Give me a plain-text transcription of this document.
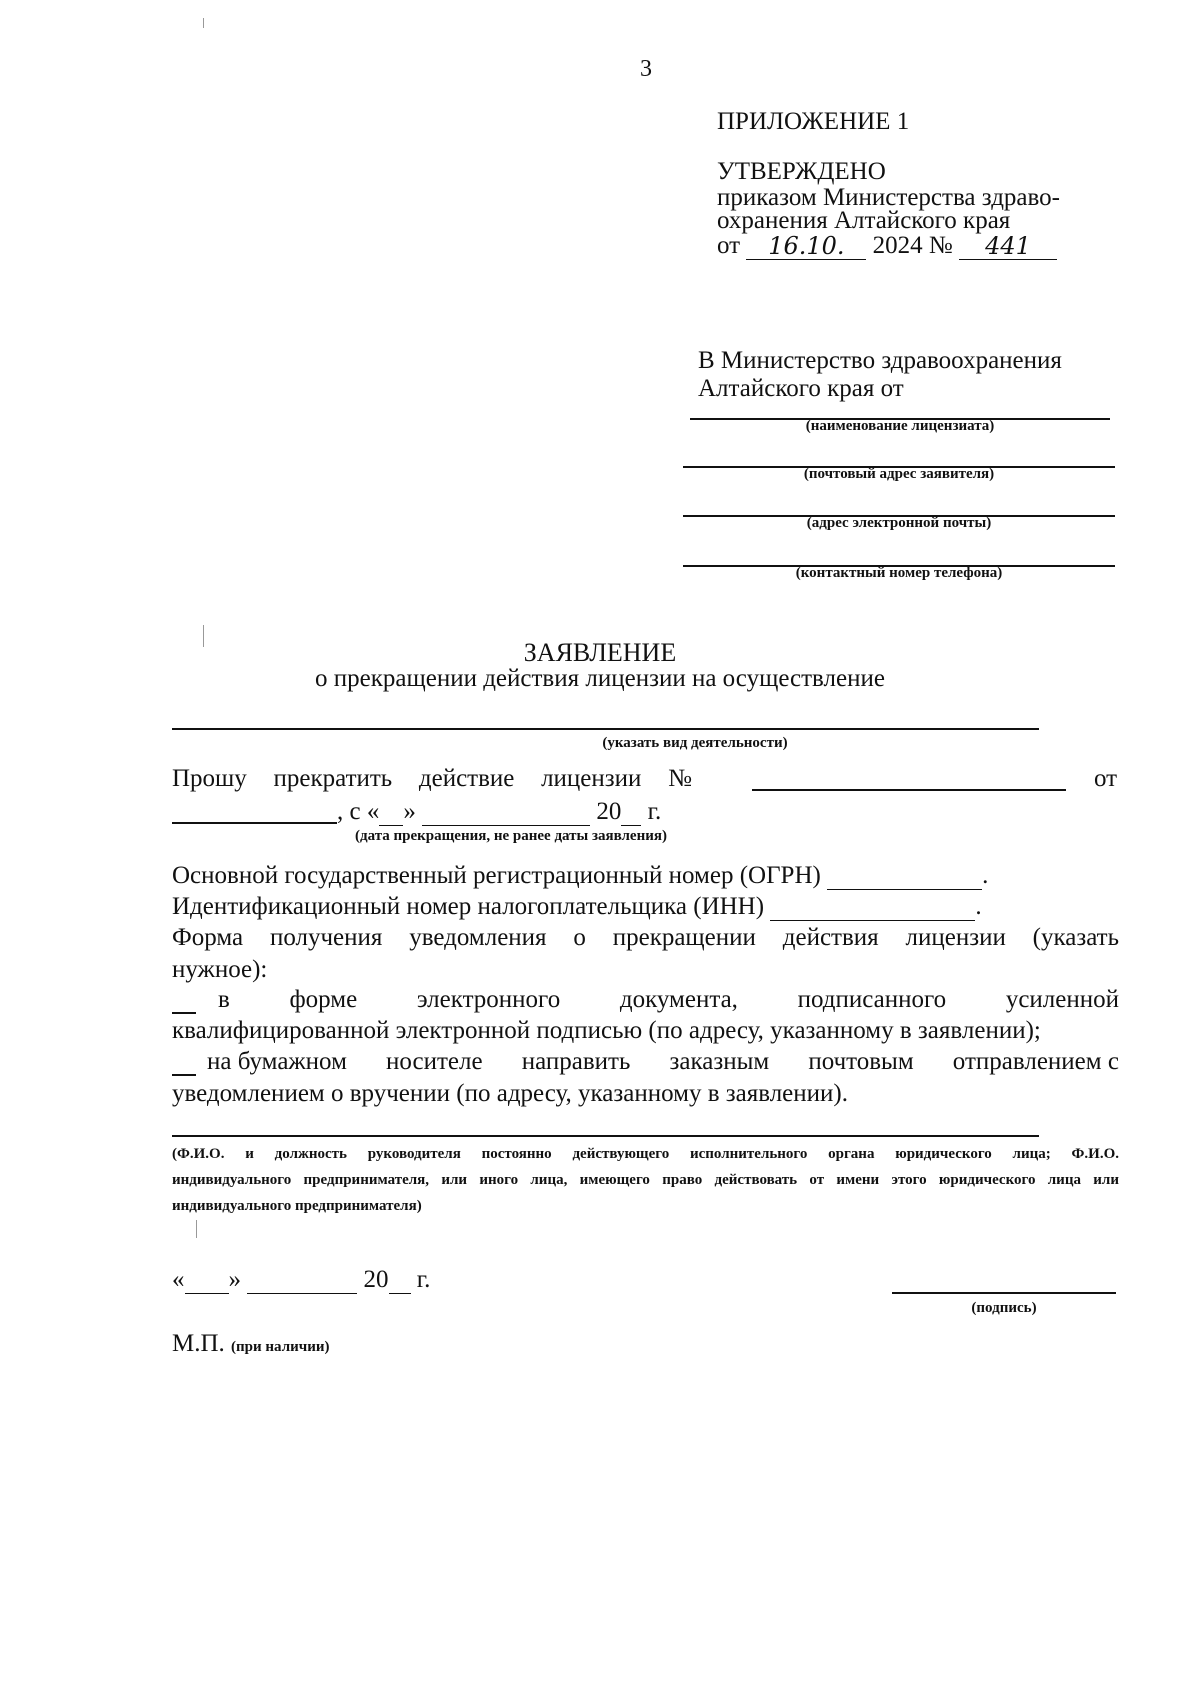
3
ПРИЛОЖЕНИЕ 1
УТВЕРЖДЕНО
приказом Министерства здраво-
охранения Алтайского края
от 16.10. 2024 № 441
В Министерство здравоохранения
Алтайского края от
(наименование лицензиата)
(почтовый адрес заявителя)
(адрес электронной почты)
(контактный номер телефона)
ЗАЯВЛЕНИЕ
о прекращении действия лицензии на осуществление
(указать вид деятельности)
Прошу прекратить действие лицензии №	от
, с « »	20 г.
(дата прекращения, не ранее даты заявления)
Основной государственный регистрационный номер (ОГРН)	.
Идентификационный номер налогоплательщика (ИНН)	.
Форма получения уведомления о прекращении действия лицензии (указать
нужное):
в форме электронного документа, подписанного усиленной
квалифицированной электронной подписью (по адресу, указанному в заявлении);
на бумажном носителе направить заказным почтовым отправлением с
уведомлением о вручении (по адресу, указанному в заявлении).
(Ф.И.О. и должность руководителя постоянно действующего исполнительного органа юридического лица; Ф.И.О.
индивидуального предпринимателя, или иного лица, имеющего право действовать от имени этого юридического лица или
индивидуального предпринимателя)
« »	20 г.
(подпись)
М.П. (при наличии)
